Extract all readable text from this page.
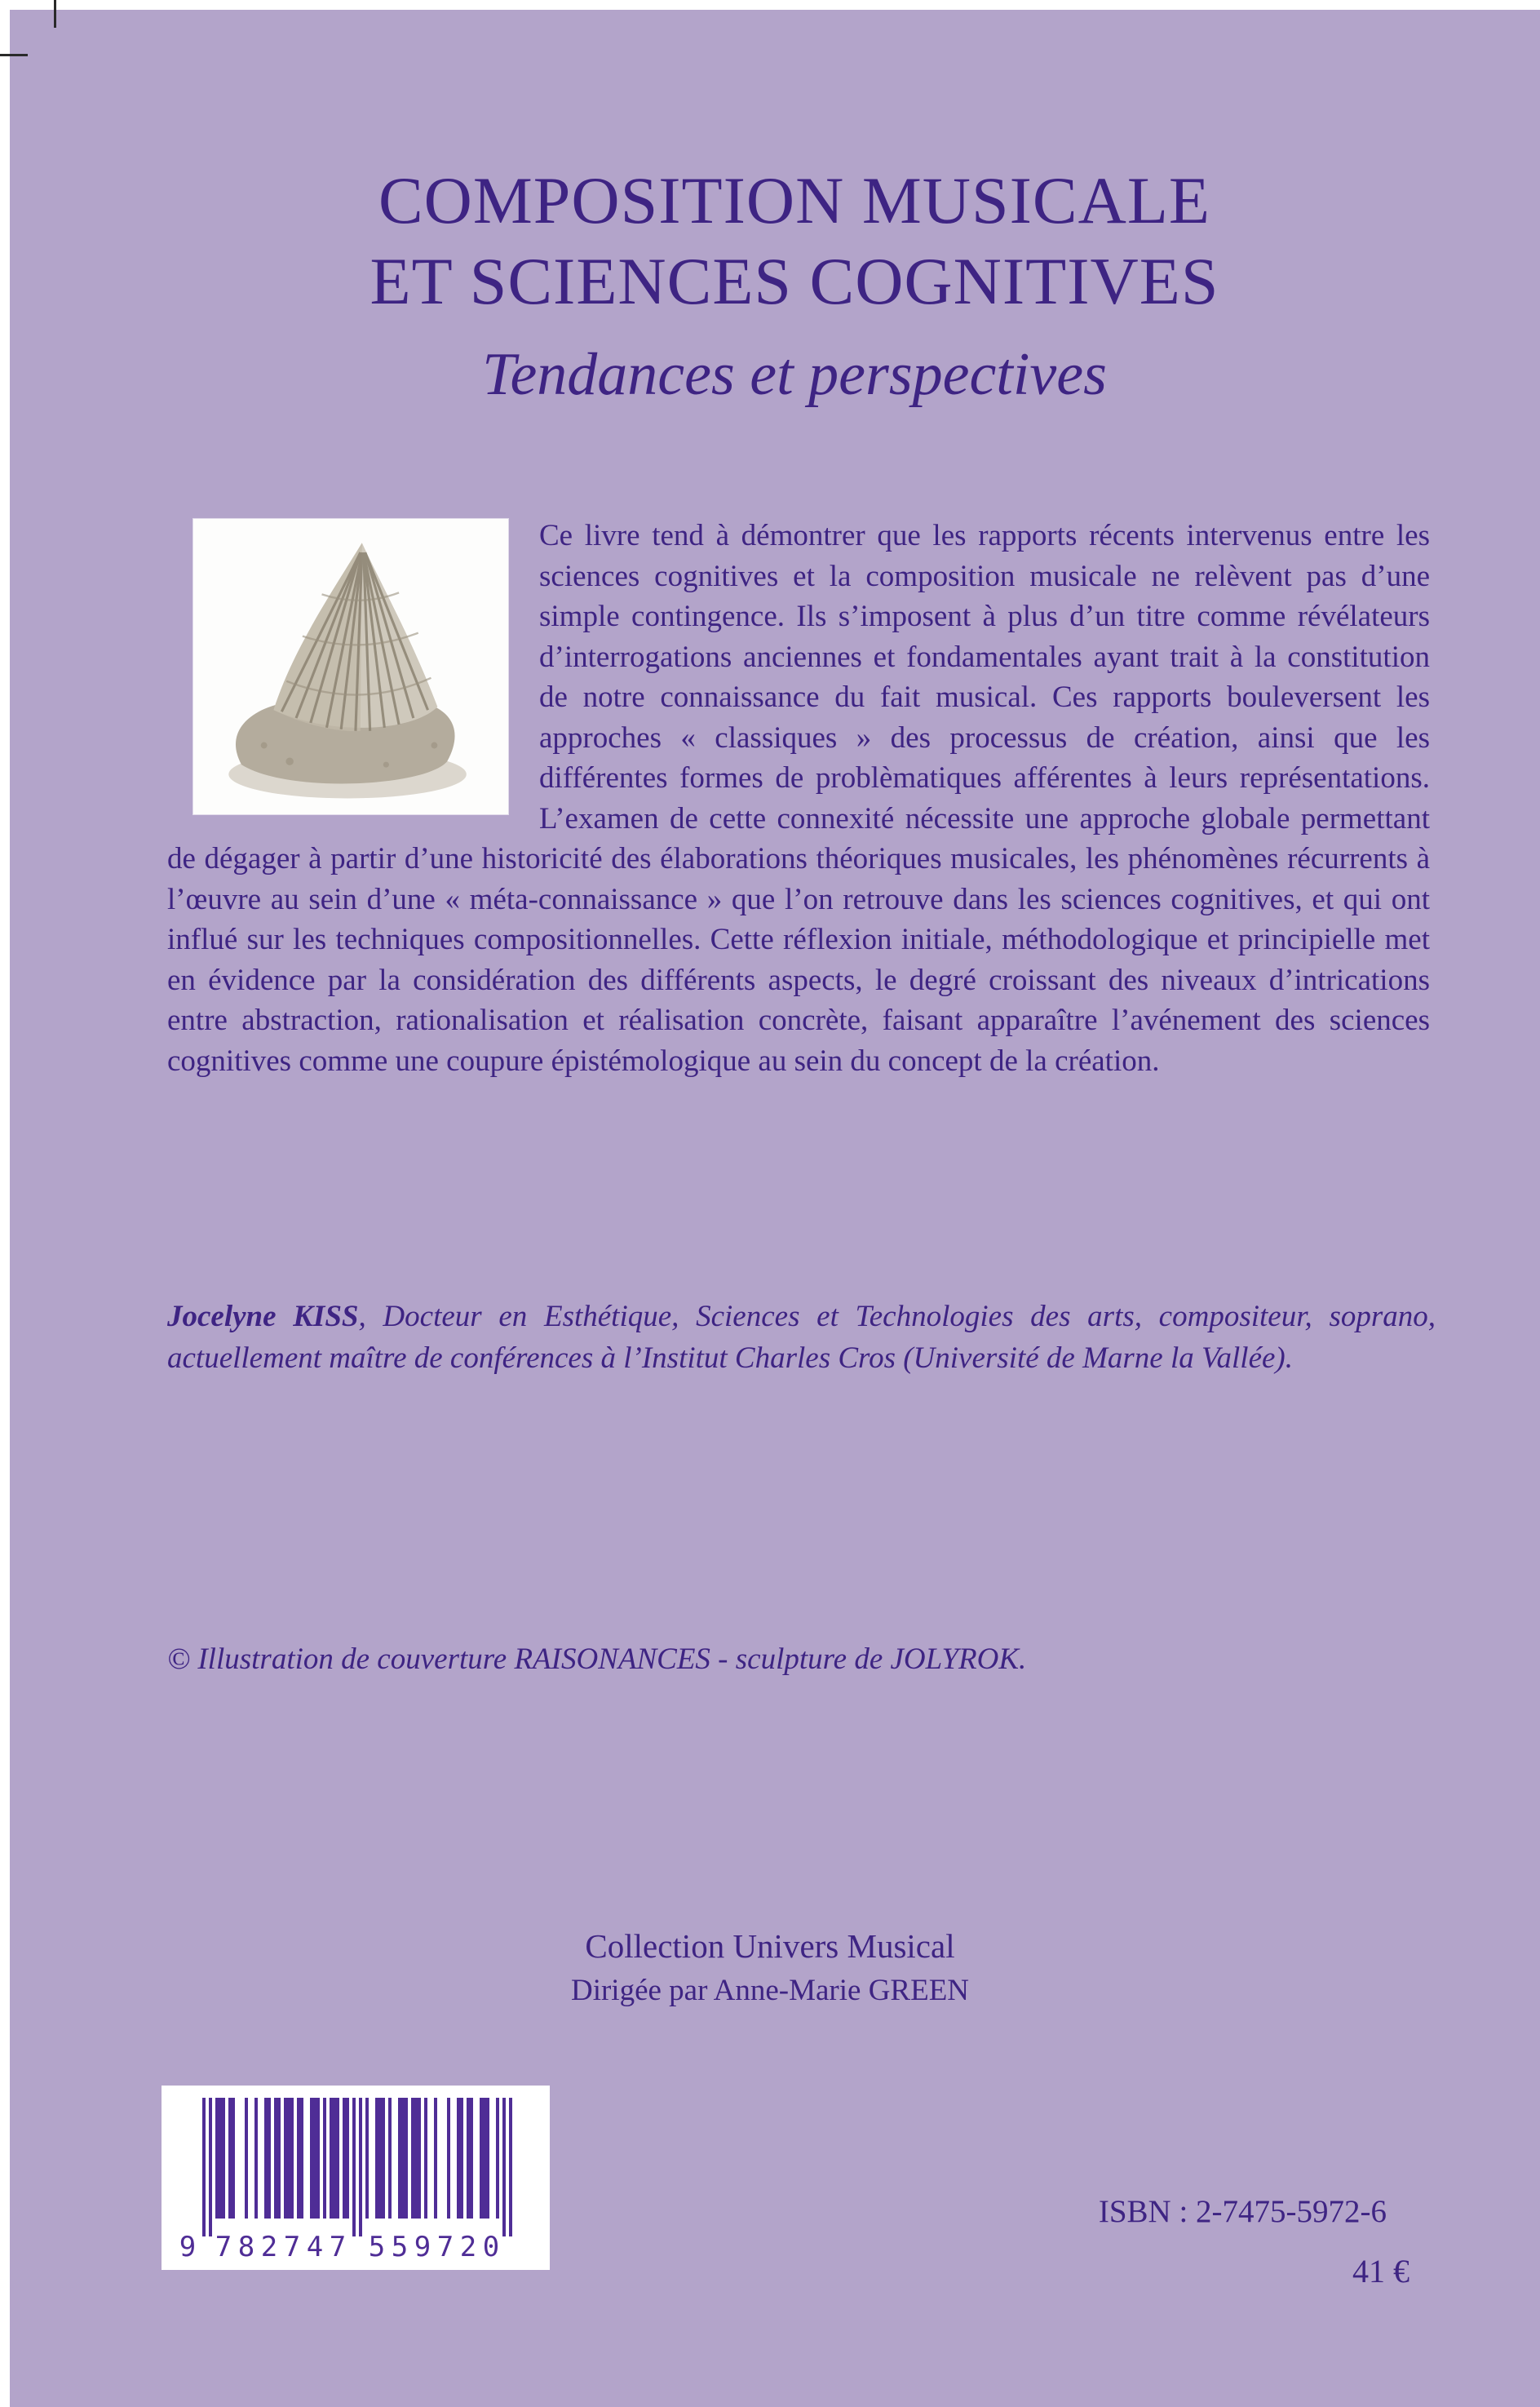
COMPOSITION MUSICALE
ET SCIENCES COGNITIVES
Tendances et perspectives
Ce livre tend à démontrer que les rapports récents intervenus entre les sciences cognitives et la composition musicale ne relèvent pas d’une simple contingence. Ils s’imposent à plus d’un titre comme révélateurs d’interrogations anciennes et fondamentales ayant trait à la constitution de notre connaissance du fait musical. Ces rapports bouleversent les approches « classiques » des processus de création, ainsi que les différentes formes de problèmatiques afférentes à leurs représentations. L’examen de cette connexité nécessite une approche globale permettant de dégager à partir d’une historicité des élaborations théoriques musicales, les phénomènes récurrents à l’œuvre au sein d’une « méta-connaissance » que l’on retrouve dans les sciences cognitives, et qui ont influé sur les techniques compositionnelles. Cette réflexion initiale, méthodologique et principielle met en évidence par la considération des différents aspects, le degré croissant des niveaux d’intrications entre abstraction, rationalisation et réalisation concrète, faisant apparaître l’avénement des sciences cognitives comme une coupure épistémologique au sein du concept de la création.
Jocelyne KISS, Docteur en Esthétique, Sciences et Technologies des arts, compositeur, soprano, actuellement maître de conférences à l’Institut Charles Cros (Université de Marne la Vallée).
© Illustration de couverture RAISONANCES - sculpture de JOLYROK.
Collection Univers Musical
Dirigée par Anne-Marie GREEN
9 7 8 2 7 4 7 5 5 9 7 2 0
ISBN : 2-7475-5972-6
41 €
